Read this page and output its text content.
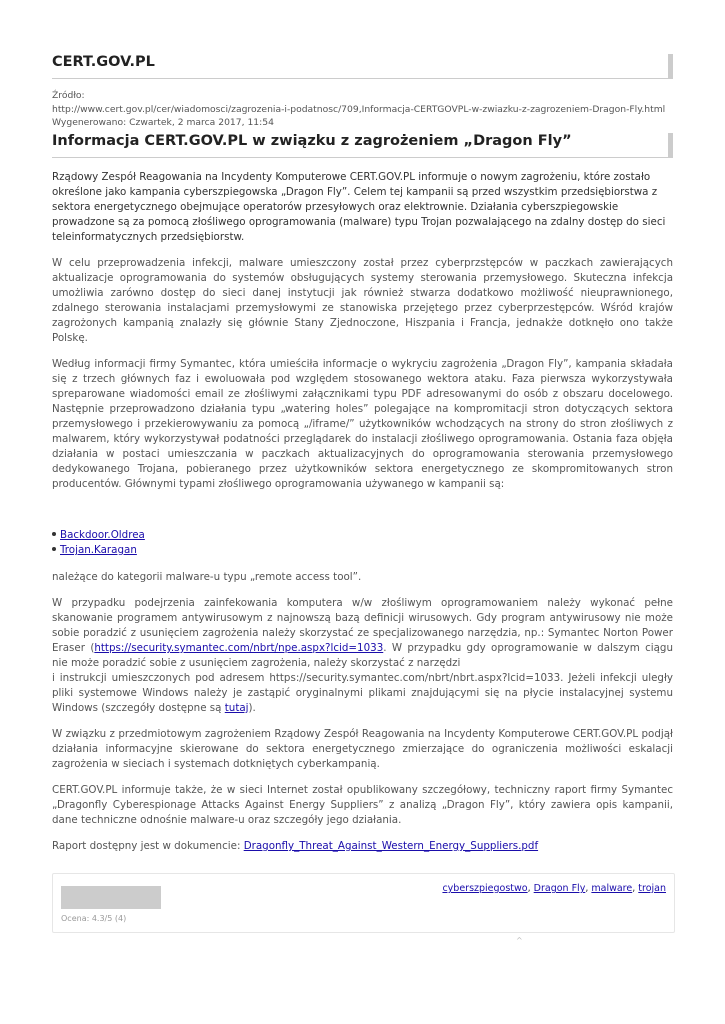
CERT.GOV.PL
Źródło:
http://www.cert.gov.pl/cer/wiadomosci/zagrozenia-i-podatnosc/709,Informacja-CERTGOVPL-w-zwiazku-z-zagrozeniem-Dragon-Fly.html
Wygenerowano: Czwartek, 2 marca 2017, 11:54
Informacja CERT.GOV.PL w związku z zagrożeniem „Dragon Fly”

Rządowy Zespół Reagowania na Incydenty Komputerowe CERT.GOV.PL informuje o nowym zagrożeniu, które zostało określone jako kampania cyberszpiegowska „Dragon Fly”. Celem tej kampanii są przed wszystkim przedsiębiorstwa z sektora energetycznego obejmujące operatorów przesyłowych oraz elektrownie. Działania cyberszpiegowskie prowadzone są za pomocą złośliwego oprogramowania (malware) typu Trojan pozwalającego na zdalny dostęp do sieci teleinformatycznych przedsiębiorstw.

W celu przeprowadzenia infekcji, malware umieszczony został przez cyberprzstępców w paczkach zawierających aktualizacje oprogramowania do systemów obsługujących systemy sterowania przemysłowego. Skuteczna infekcja umożliwia zarówno dostęp do sieci danej instytucji jak również stwarza dodatkowo możliwość nieuprawnionego, zdalnego sterowania instalacjami przemysłowymi ze stanowiska przejętego przez cyberprzestępców. Wśród krajów zagrożonych kampanią znalazły się głównie Stany Zjednoczone, Hiszpania i Francja, jednakże dotknęło ono także Polskę.

Według informacji firmy Symantec, która umieściła informacje o wykryciu zagrożenia „Dragon Fly”, kampania składała się z trzech głównych faz i ewoluowała pod względem stosowanego wektora ataku. Faza pierwsza wykorzystywała spreparowane wiadomości email ze złośliwymi załącznikami typu PDF adresowanymi do osób z obszaru docelowego. Następnie przeprowadzono działania typu „watering holes” polegające na kompromitacji stron dotyczących sektora przemysłowego i przekierowywaniu za pomocą „/iframe/” użytkowników wchodzących na strony do stron złośliwych z malwarem, który wykorzystywał podatności przeglądarek do instalacji złośliwego oprogramowania. Ostania faza objęła działania w postaci umieszczania w paczkach aktualizacyjnych do oprogramowania sterowania przemysłowego dedykowanego Trojana, pobieranego przez użytkowników sektora energetycznego ze skompromitowanych stron producentów. Głównymi typami złośliwego oprogramowania używanego w kampanii są:

Backdoor.Oldrea
Trojan.Karagan

należące do kategorii malware-u typu „remote access tool”.

W przypadku podejrzenia zainfekowania komputera w/w złośliwym oprogramowaniem należy wykonać pełne skanowanie programem antywirusowym z najnowszą bazą definicji wirusowych. Gdy program antywirusowy nie może sobie poradzić z usunięciem zagrożenia należy skorzystać ze specjalizowanego narzędzia, np.: Symantec Norton Power Eraser (https://security.symantec.com/nbrt/npe.aspx?lcid=1033. W przypadku gdy oprogramowanie w dalszym ciągu nie może poradzić sobie z usunięciem zagrożenia, należy skorzystać z narzędzi
i instrukcji umieszczonych pod adresem https://security.symantec.com/nbrt/nbrt.aspx?lcid=1033. Jeżeli infekcji uległy pliki systemowe Windows należy je zastąpić oryginalnymi plikami znajdującymi się na płycie instalacyjnej systemu Windows (szczegóły dostępne są tutaj).

W związku z przedmiotowym zagrożeniem Rządowy Zespół Reagowania na Incydenty Komputerowe CERT.GOV.PL podjął działania informacyjne skierowane do sektora energetycznego zmierzające do ograniczenia możliwości eskalacji zagrożenia w sieciach i systemach dotkniętych cyberkampanią.

CERT.GOV.PL informuje także, że w sieci Internet został opublikowany szczegółowy, techniczny raport firmy Symantec „Dragonfly Cyberespionage Attacks Against Energy Suppliers” z analizą „Dragon Fly”, który zawiera opis kampanii, dane techniczne odnośnie malware-u oraz szczegóły jego działania.

Raport dostępny jest w dokumencie: Dragonfly_Threat_Against_Western_Energy_Suppliers.pdf

Ocena: 4.3/5 (4)
cyberszpiegostwo, Dragon Fly, malware, trojan
^
